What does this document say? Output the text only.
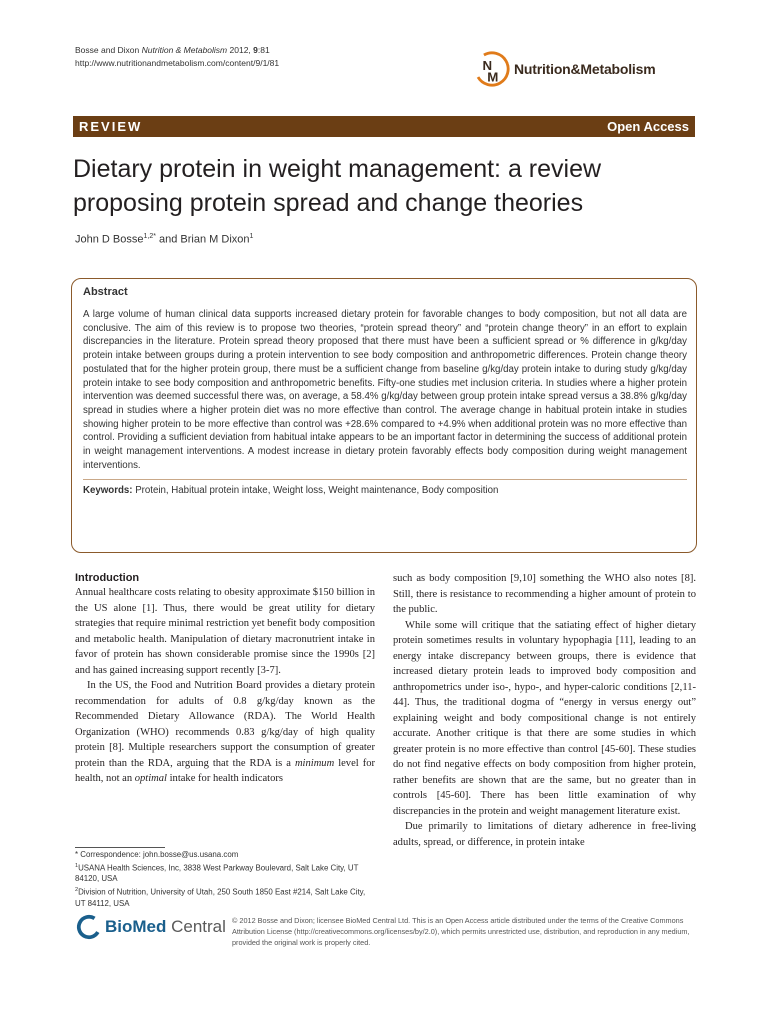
Bosse and Dixon Nutrition & Metabolism 2012, 9:81
http://www.nutritionandmetabolism.com/content/9/1/81	N
M Nutrition&Metabolism
REVIEW	Open Access
Dietary protein in weight management: a review proposing protein spread and change theories
John D Bosse$^{1,2*}$ and Brian M Dixon$^1$
Abstract
A large volume of human clinical data supports increased dietary protein for favorable changes to body composition, but not all data are conclusive. The aim of this review is to propose two theories, “protein spread theory” and “protein change theory” in an effort to explain discrepancies in the literature. Protein spread theory proposed that there must have been a sufficient spread or % difference in g/kg/day protein intake between groups during a protein intervention to see body composition and anthropometric differences. Protein change theory postulated that for the higher protein group, there must be a sufficient change from baseline g/kg/day protein intake to during study g/kg/day protein intake to see body composition and anthropometric benefits. Fifty-one studies met inclusion criteria. In studies where a higher protein intervention was deemed successful there was, on average, a 58.4% g/kg/day between group protein intake spread versus a 38.8% g/kg/day spread in studies where a higher protein diet was no more effective than control. The average change in habitual protein intake in studies showing higher protein to be more effective than control was +28.6% compared to +4.9% when additional protein was no more effective than control. Providing a sufficient deviation from habitual intake appears to be an important factor in determining the success of additional protein in weight management interventions. A modest increase in dietary protein favorably effects body composition during weight management interventions.
Keywords: Protein, Habitual protein intake, Weight loss, Weight maintenance, Body composition
Introduction

Annual healthcare costs relating to obesity approximate $150 billion in the US alone [1]. Thus, there would be great utility for dietary strategies that require minimal restriction yet benefit body composition and metabolic health. Manipulation of dietary macronutrient intake in favor of protein has shown considerable promise since the 1990s [2] and has gained increasing support recently [3-7].

In the US, the Food and Nutrition Board provides a dietary protein recommendation for adults of 0.8 g/kg/day known as the Recommended Dietary Allowance (RDA). The World Health Organization (WHO) recommends 0.83 g/kg/day of high quality protein [8]. Multiple researchers support the consumption of greater protein than the RDA, arguing that the RDA is a minimum level for health, not an optimal intake for health indicators

such as body composition [9,10] something the WHO also notes [8]. Still, there is resistance to recommending a higher amount of protein to the public.

While some will critique that the satiating effect of higher dietary protein sometimes results in voluntary hypophagia [11], leading to an energy intake discrepancy between groups, there is evidence that increased dietary protein leads to improved body composition and anthropometrics under iso-, hypo-, and hyper-caloric conditions [2,11-44]. Thus, the traditional dogma of “energy in versus energy out” explaining weight and body compositional change is not entirely accurate. Another critique is that there are some studies in which greater protein is no more effective than control [45-60]. These studies do not find negative effects on body composition from higher protein, rather benefits are shown that are the same, but no greater than in controls [45-60]. There has been little examination of why discrepancies in the protein and weight management literature exist.

Due primarily to limitations of dietary adherence in free-living adults, spread, or difference, in protein intake

* Correspondence: john.bosse@us.usana.com
$^1$USANA Health Sciences, Inc, 3838 West Parkway Boulevard, Salt Lake City, UT 84120, USA
$^2$Division of Nutrition, University of Utah, 250 South 1850 East #214, Salt Lake City, UT 84112, USA
BioMed Central © 2012 Bosse and Dixon; licensee BioMed Central Ltd. This is an Open Access article distributed under the terms of the Creative Commons Attribution License (http://creativecommons.org/licenses/by/2.0), which permits unrestricted use, distribution, and reproduction in any medium, provided the original work is properly cited.
